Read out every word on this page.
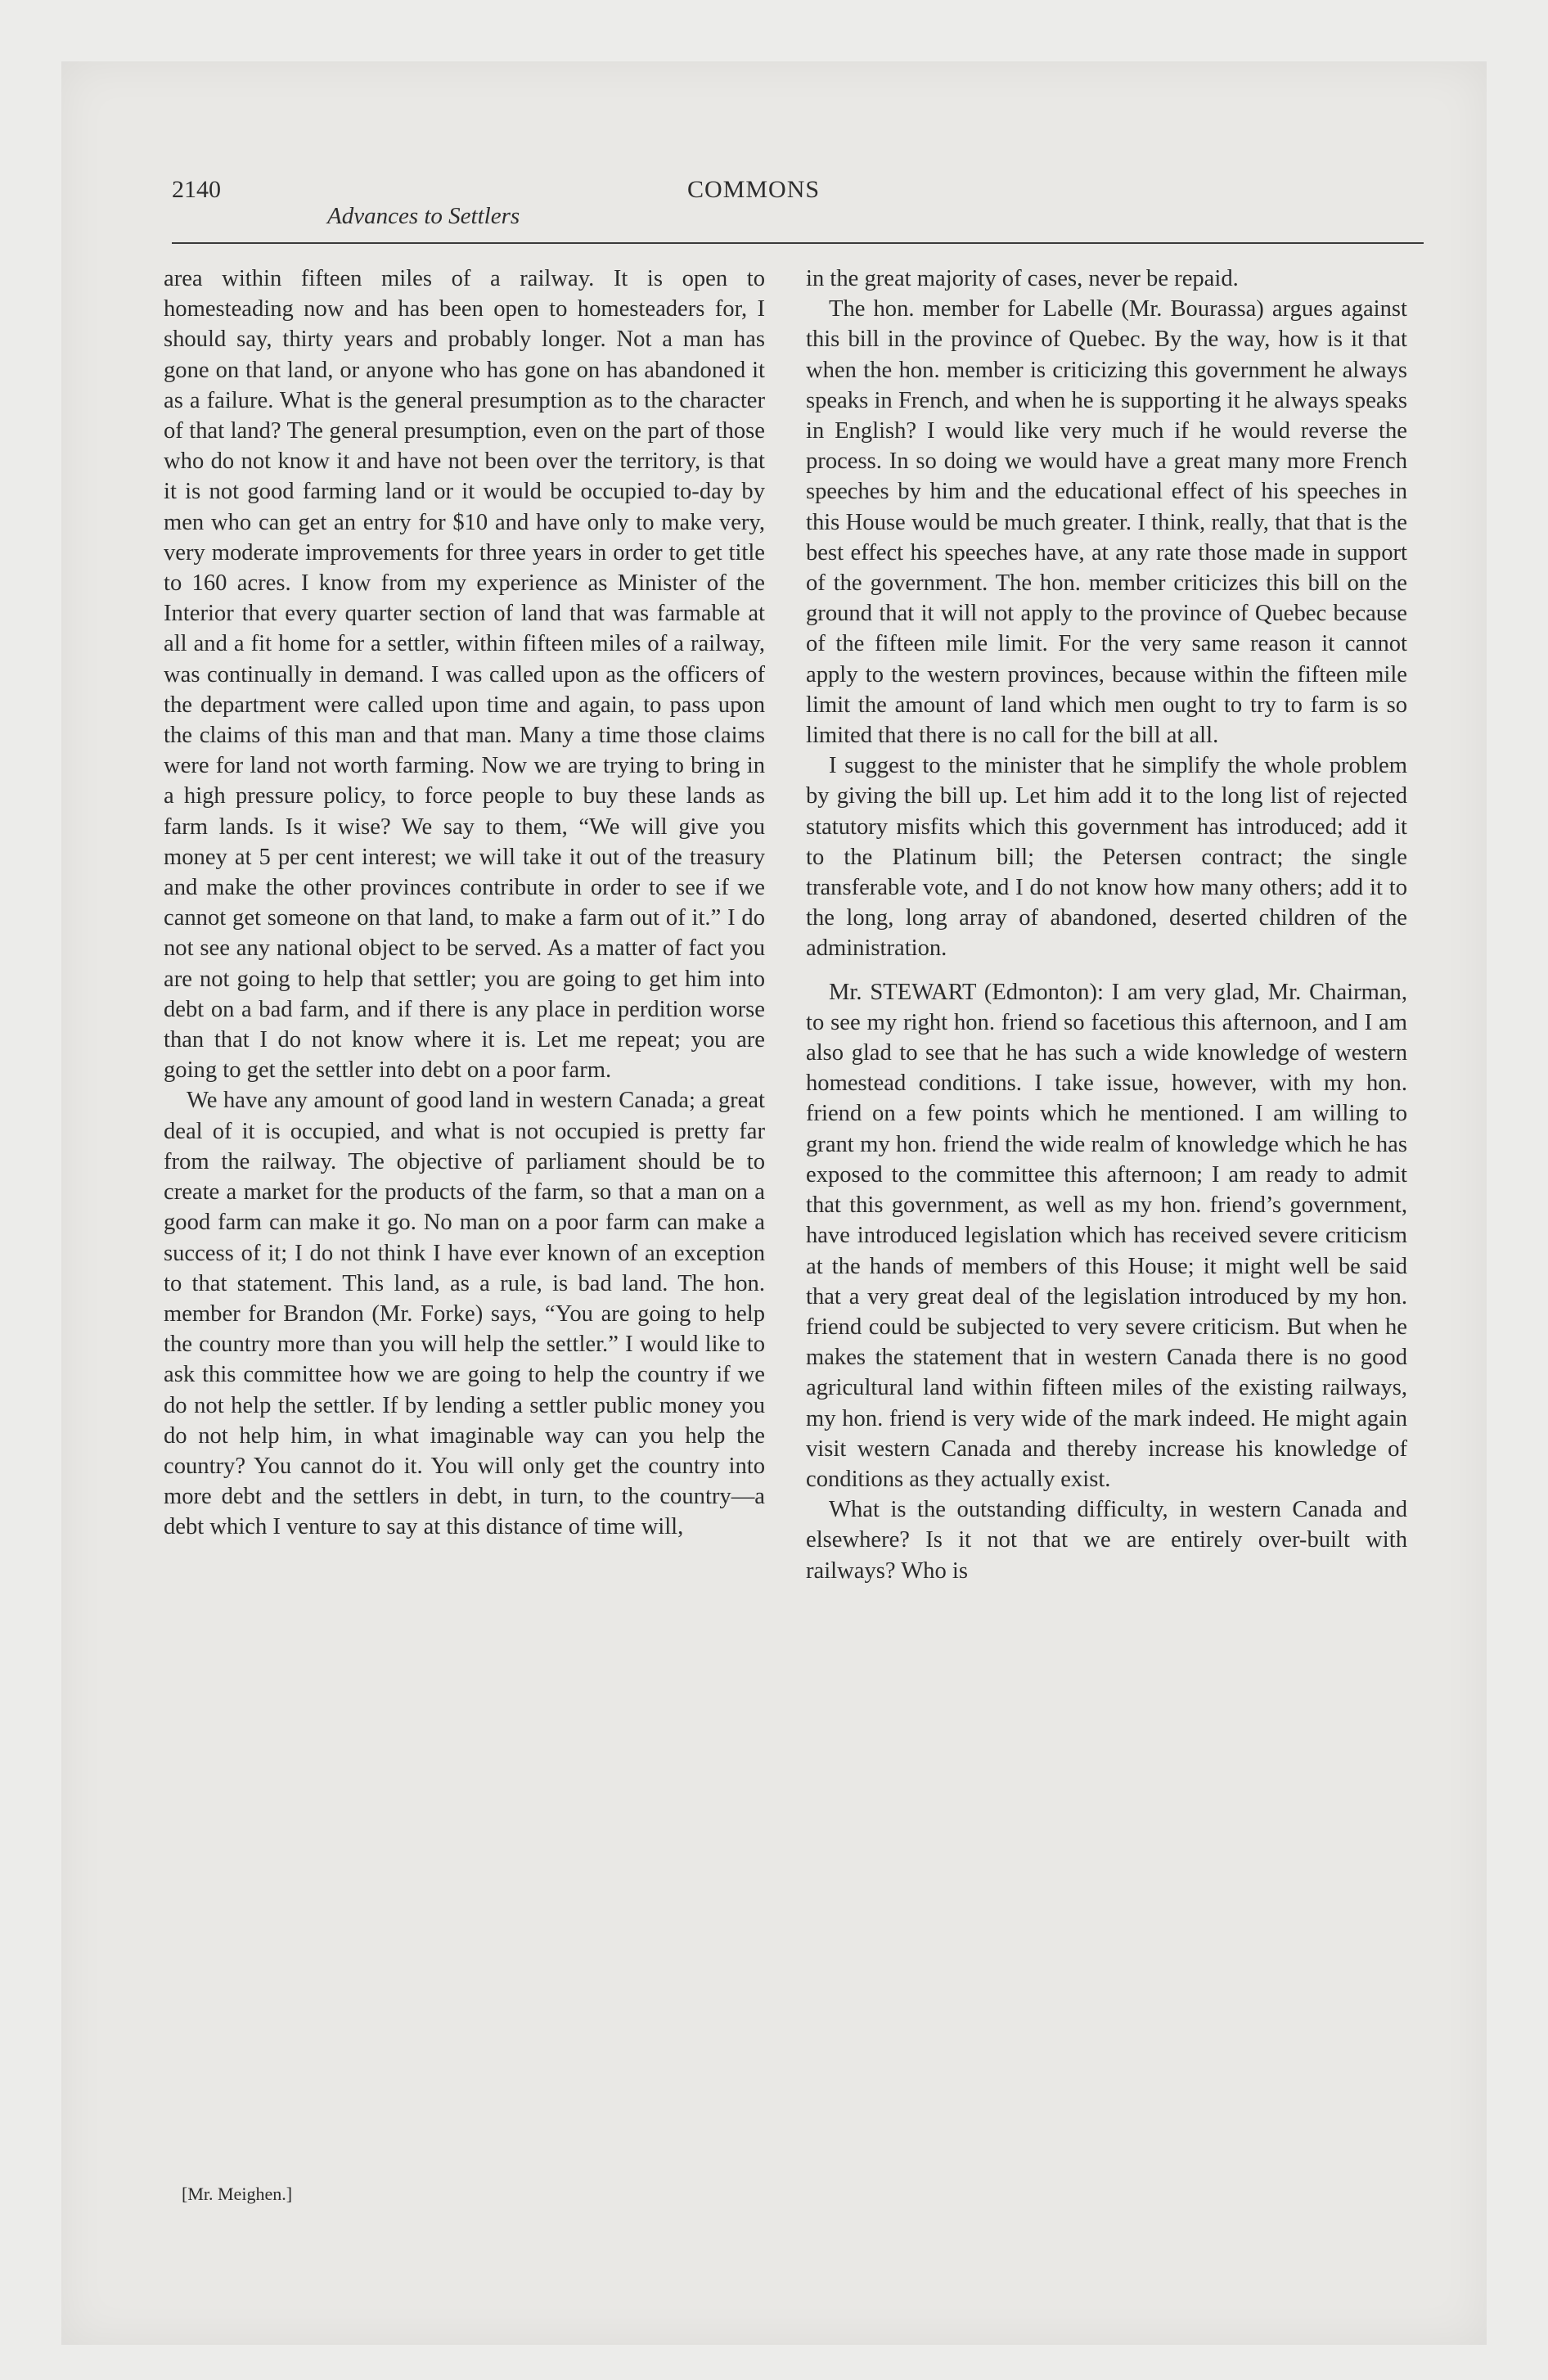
2140
Advances to Settlers
COMMONS

area within fifteen miles of a railway. It is open to homesteading now and has been open to homesteaders for, I should say, thirty years and probably longer. Not a man has gone on that land, or anyone who has gone on has abandoned it as a failure. What is the general presumption as to the character of that land? The general presumption, even on the part of those who do not know it and have not been over the territory, is that it is not good farming land or it would be occupied to-day by men who can get an entry for $10 and have only to make very, very moderate improvements for three years in order to get title to 160 acres. I know from my experience as Minister of the Interior that every quarter section of land that was farmable at all and a fit home for a settler, within fifteen miles of a railway, was continually in demand. I was called upon as the officers of the department were called upon time and again, to pass upon the claims of this man and that man. Many a time those claims were for land not worth farming. Now we are trying to bring in a high pressure policy, to force people to buy these lands as farm lands. Is it wise? We say to them, “We will give you money at 5 per cent interest; we will take it out of the treasury and make the other provinces contribute in order to see if we cannot get someone on that land, to make a farm out of it.” I do not see any national object to be served. As a matter of fact you are not going to help that settler; you are going to get him into debt on a bad farm, and if there is any place in perdition worse than that I do not know where it is. Let me repeat; you are going to get the settler into debt on a poor farm.

We have any amount of good land in western Canada; a great deal of it is occupied, and what is not occupied is pretty far from the railway. The objective of parliament should be to create a market for the products of the farm, so that a man on a good farm can make it go. No man on a poor farm can make a success of it; I do not think I have ever known of an exception to that statement. This land, as a rule, is bad land. The hon. member for Brandon (Mr. Forke) says, “You are going to help the country more than you will help the settler.” I would like to ask this committee how we are going to help the country if we do not help the settler. If by lending a settler public money you do not help him, in what imaginable way can you help the country? You cannot do it. You will only get the country into more debt and the settlers in debt, in turn, to the country—a debt which I venture to say at this distance of time will,

in the great majority of cases, never be repaid.

The hon. member for Labelle (Mr. Bourassa) argues against this bill in the province of Quebec. By the way, how is it that when the hon. member is criticizing this government he always speaks in French, and when he is supporting it he always speaks in English? I would like very much if he would reverse the process. In so doing we would have a great many more French speeches by him and the educational effect of his speeches in this House would be much greater. I think, really, that that is the best effect his speeches have, at any rate those made in support of the government. The hon. member criticizes this bill on the ground that it will not apply to the province of Quebec because of the fifteen mile limit. For the very same reason it cannot apply to the western provinces, because within the fifteen mile limit the amount of land which men ought to try to farm is so limited that there is no call for the bill at all.

I suggest to the minister that he simplify the whole problem by giving the bill up. Let him add it to the long list of rejected statutory misfits which this government has introduced; add it to the Platinum bill; the Petersen contract; the single transferable vote, and I do not know how many others; add it to the long, long array of abandoned, deserted children of the administration.

Mr. STEWART (Edmonton): I am very glad, Mr. Chairman, to see my right hon. friend so facetious this afternoon, and I am also glad to see that he has such a wide knowledge of western homestead conditions. I take issue, however, with my hon. friend on a few points which he mentioned. I am willing to grant my hon. friend the wide realm of knowledge which he has exposed to the committee this afternoon; I am ready to admit that this government, as well as my hon. friend’s government, have introduced legislation which has received severe criticism at the hands of members of this House; it might well be said that a very great deal of the legislation introduced by my hon. friend could be subjected to very severe criticism. But when he makes the statement that in western Canada there is no good agricultural land within fifteen miles of the existing railways, my hon. friend is very wide of the mark indeed. He might again visit western Canada and thereby increase his knowledge of conditions as they actually exist.

What is the outstanding difficulty, in western Canada and elsewhere? Is it not that we are entirely over-built with railways? Who is

[Mr. Meighen.]
